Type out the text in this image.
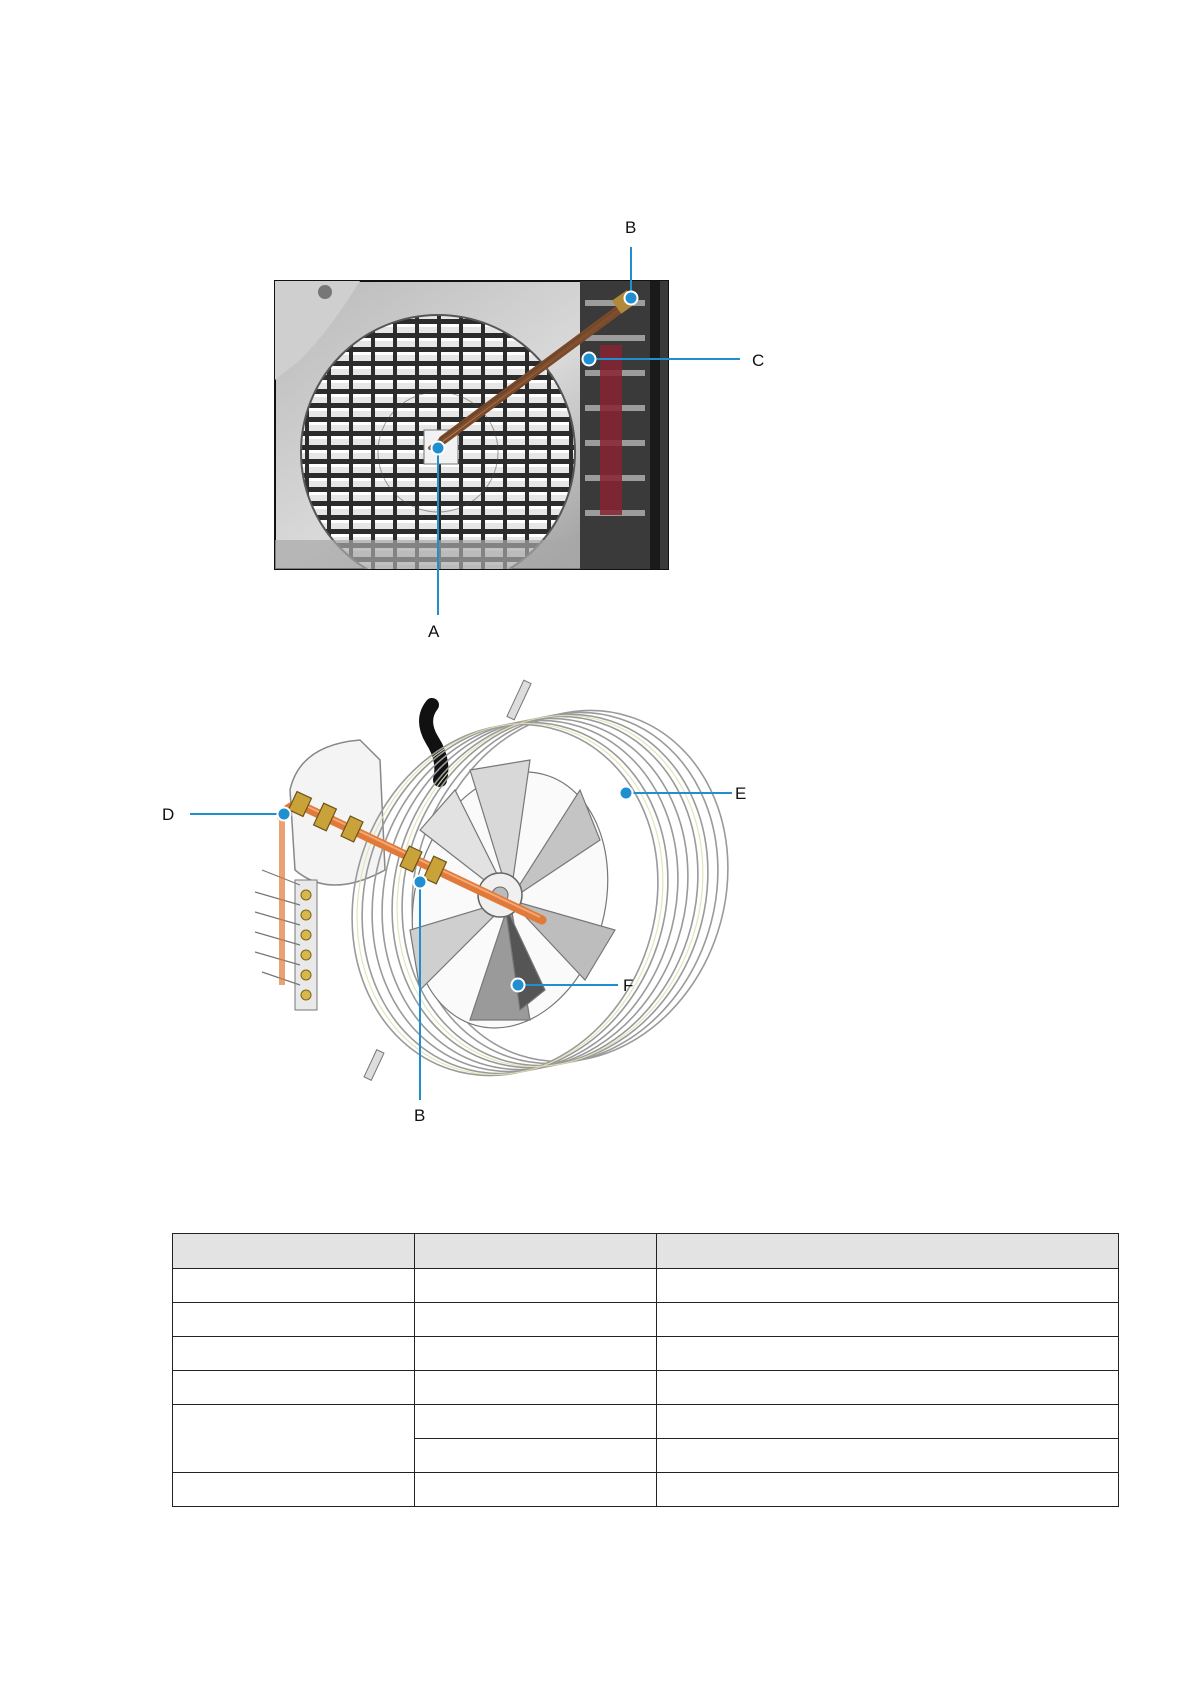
B
C
A
D
E
F
B
